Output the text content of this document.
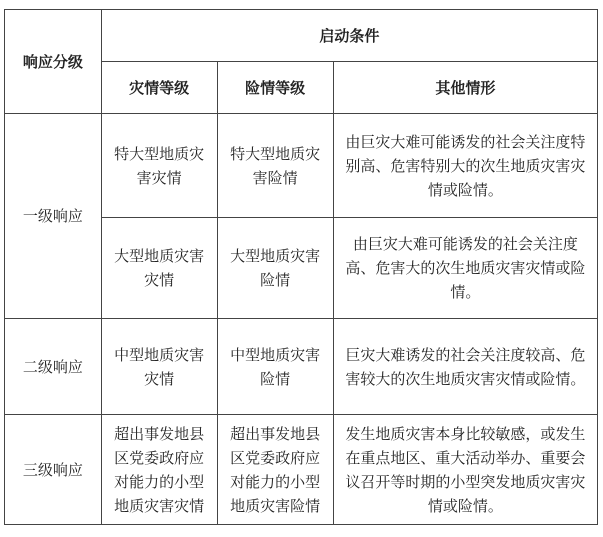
响应分级	启动条件		
	灾情等级	险情等级	其他情形
一级响应	特大型地质灾害灾情	特大型地质灾害险情	由巨灾大难可能诱发的社会关注度特别高、危害特别大的次生地质灾害灾情或险情。
	大型地质灾害灾情	大型地质灾害险情	由巨灾大难可能诱发的社会关注度高、危害大的次生地质灾害灾情或险情。
二级响应	中型地质灾害灾情	中型地质灾害险情	巨灾大难诱发的社会关注度较高、危害较大的次生地质灾害灾情或险情。
三级响应	超出事发地县区党委政府应对能力的小型地质灾害灾情	超出事发地县区党委政府应对能力的小型地质灾害险情	发生地质灾害本身比较敏感，或发生在重点地区、重大活动举办、重要会议召开等时期的小型突发地质灾害灾情或险情。
